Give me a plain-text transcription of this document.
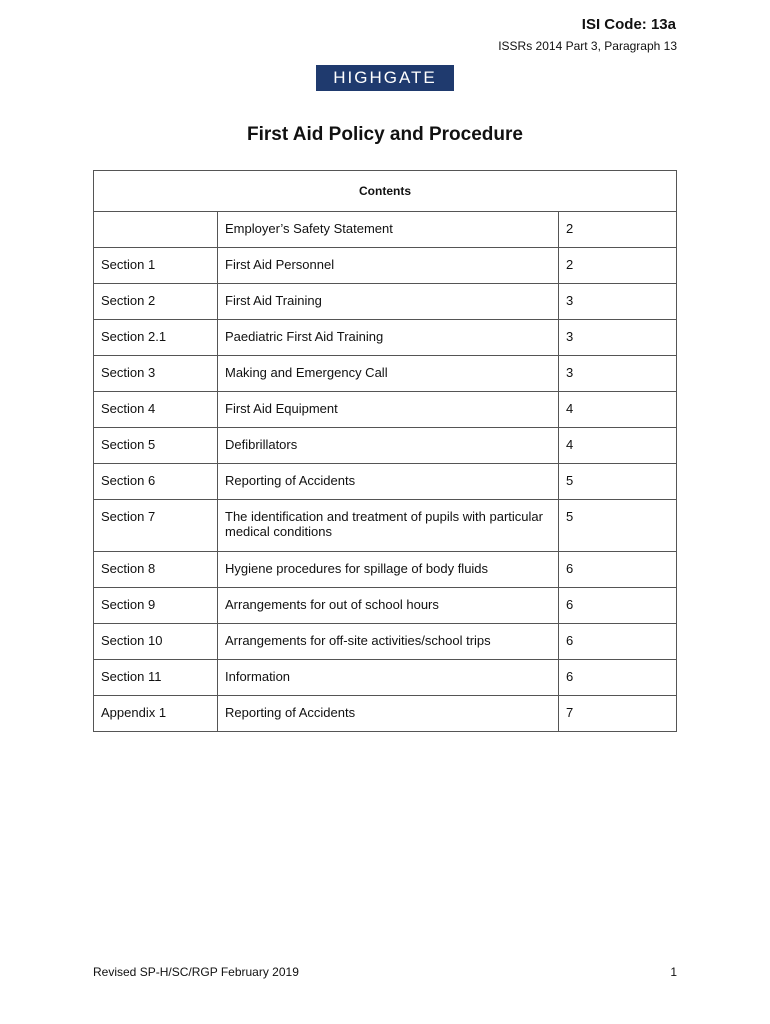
ISI Code: 13a
ISSRs 2014 Part 3, Paragraph 13
HIGHGATE
First Aid Policy and Procedure
Contents		
	Employer’s Safety Statement	2
Section 1	First Aid Personnel	2
Section 2	First Aid Training	3
Section 2.1	Paediatric First Aid Training	3
Section 3	Making and Emergency Call	3
Section 4	First Aid Equipment	4
Section 5	Defibrillators	4
Section 6	Reporting of Accidents	5
Section 7	The identification and treatment of pupils with particular medical conditions	5
Section 8	Hygiene procedures for spillage of body fluids	6
Section 9	Arrangements for out of school hours	6
Section 10	Arrangements for off-site activities/school trips	6
Section 11	Information	6
Appendix 1	Reporting of Accidents	7
Revised SP-H/SC/RGP February 2019	1
